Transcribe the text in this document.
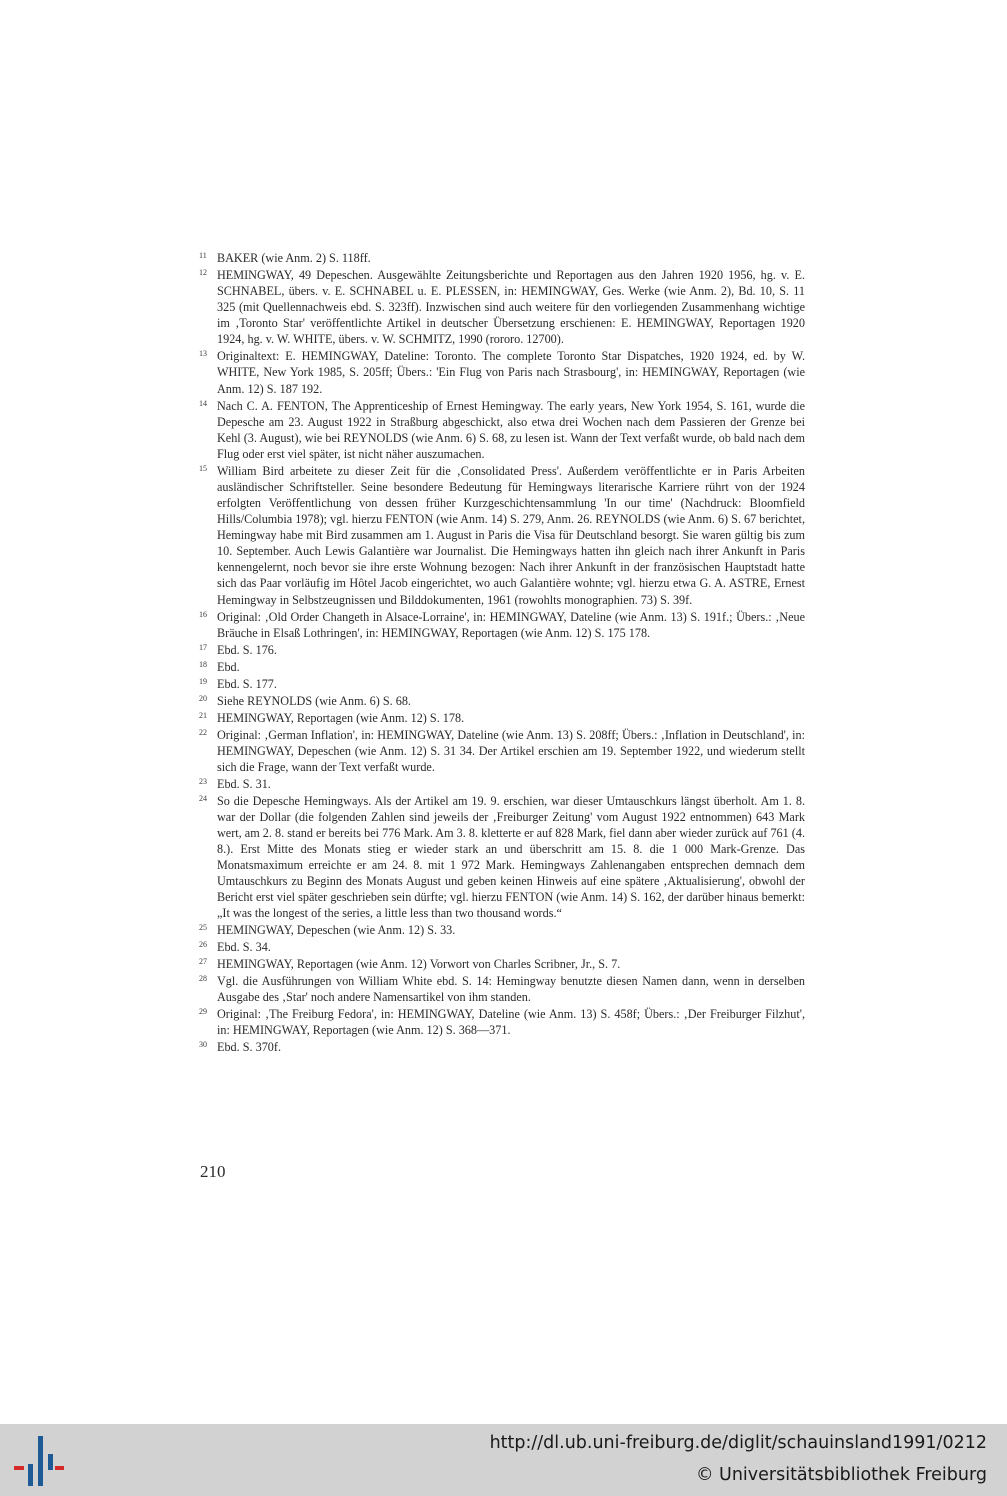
11 BAKER (wie Anm. 2) S. 118ff.
12 HEMINGWAY, 49 Depeschen. Ausgewählte Zeitungsberichte und Reportagen aus den Jahren 1920 1956, hg. v. E. SCHNABEL, übers. v. E. SCHNABEL u. E. PLESSEN, in: HEMINGWAY, Ges. Werke (wie Anm. 2), Bd. 10, S. 11 325 (mit Quellennachweis ebd. S. 323ff). Inzwischen sind auch weitere für den vorliegenden Zusammenhang wichtige im ‚Toronto Star' veröffentlichte Artikel in deutscher Übersetzung erschienen: E. HEMINGWAY, Reportagen 1920 1924, hg. v. W. WHITE, übers. v. W. SCHMITZ, 1990 (rororo. 12700).
13 Originaltext: E. HEMINGWAY, Dateline: Toronto. The complete Toronto Star Dispatches, 1920 1924, ed. by W. WHITE, New York 1985, S. 205ff; Übers.: 'Ein Flug von Paris nach Strasbourg', in: HEMINGWAY, Reportagen (wie Anm. 12) S. 187 192.
14 Nach C. A. FENTON, The Apprenticeship of Ernest Hemingway. The early years, New York 1954, S. 161, wurde die Depesche am 23. August 1922 in Straßburg abgeschickt, also etwa drei Wochen nach dem Passieren der Grenze bei Kehl (3. August), wie bei REYNOLDS (wie Anm. 6) S. 68, zu lesen ist. Wann der Text verfaßt wurde, ob bald nach dem Flug oder erst viel später, ist nicht näher auszumachen.
15 William Bird arbeitete zu dieser Zeit für die ‚Consolidated Press'. Außerdem veröffentlichte er in Paris Arbeiten ausländischer Schriftsteller. Seine besondere Bedeutung für Hemingways literarische Karriere rührt von der 1924 erfolgten Veröffentlichung von dessen früher Kurzgeschichtensammlung 'In our time' (Nachdruck: Bloomfield Hills/Columbia 1978); vgl. hierzu FENTON (wie Anm. 14) S. 279, Anm. 26. REYNOLDS (wie Anm. 6) S. 67 berichtet, Hemingway habe mit Bird zusammen am 1. August in Paris die Visa für Deutschland besorgt. Sie waren gültig bis zum 10. September. Auch Lewis Galantière war Journalist. Die Hemingways hatten ihn gleich nach ihrer Ankunft in Paris kennengelernt, noch bevor sie ihre erste Wohnung bezogen: Nach ihrer Ankunft in der französischen Hauptstadt hatte sich das Paar vorläufig im Hôtel Jacob eingerichtet, wo auch Galantière wohnte; vgl. hierzu etwa G. A. ASTRE, Ernest Hemingway in Selbstzeugnissen und Bilddokumenten, 1961 (rowohlts monographien. 73) S. 39f.
16 Original: ‚Old Order Changeth in Alsace-Lorraine', in: HEMINGWAY, Dateline (wie Anm. 13) S. 191f.; Übers.: ‚Neue Bräuche in Elsaß Lothringen', in: HEMINGWAY, Reportagen (wie Anm. 12) S. 175 178.
17 Ebd. S. 176.
18 Ebd.
19 Ebd. S. 177.
20 Siehe REYNOLDS (wie Anm. 6) S. 68.
21 HEMINGWAY, Reportagen (wie Anm. 12) S. 178.
22 Original: ‚German Inflation', in: HEMINGWAY, Dateline (wie Anm. 13) S. 208ff; Übers.: ‚Inflation in Deutschland', in: HEMINGWAY, Depeschen (wie Anm. 12) S. 31 34. Der Artikel erschien am 19. September 1922, und wiederum stellt sich die Frage, wann der Text verfaßt wurde.
23 Ebd. S. 31.
24 So die Depesche Hemingways. Als der Artikel am 19. 9. erschien, war dieser Umtauschkurs längst überholt. Am 1. 8. war der Dollar (die folgenden Zahlen sind jeweils der ‚Freiburger Zeitung' vom August 1922 entnommen) 643 Mark wert, am 2. 8. stand er bereits bei 776 Mark. Am 3. 8. kletterte er auf 828 Mark, fiel dann aber wieder zurück auf 761 (4. 8.). Erst Mitte des Monats stieg er wieder stark an und überschritt am 15. 8. die 1 000 Mark-Grenze. Das Monatsmaximum erreichte er am 24. 8. mit 1 972 Mark. Hemingways Zahlenangaben entsprechen demnach dem Umtauschkurs zu Beginn des Monats August und geben keinen Hinweis auf eine spätere ‚Aktualisierung', obwohl der Bericht erst viel später geschrieben sein dürfte; vgl. hierzu FENTON (wie Anm. 14) S. 162, der darüber hinaus bemerkt: „It was the longest of the series, a little less than two thousand words.“
25 HEMINGWAY, Depeschen (wie Anm. 12) S. 33.
26 Ebd. S. 34.
27 HEMINGWAY, Reportagen (wie Anm. 12) Vorwort von Charles Scribner, Jr., S. 7.
28 Vgl. die Ausführungen von William White ebd. S. 14: Hemingway benutzte diesen Namen dann, wenn in derselben Ausgabe des ‚Star' noch andere Namensartikel von ihm standen.
29 Original: ‚The Freiburg Fedora', in: HEMINGWAY, Dateline (wie Anm. 13) S. 458f; Übers.: ‚Der Freiburger Filzhut', in: HEMINGWAY, Reportagen (wie Anm. 12) S. 368—371.
30 Ebd. S. 370f.
210
http://dl.ub.uni-freiburg.de/diglit/schauinsland1991/0212
© Universitätsbibliothek Freiburg
